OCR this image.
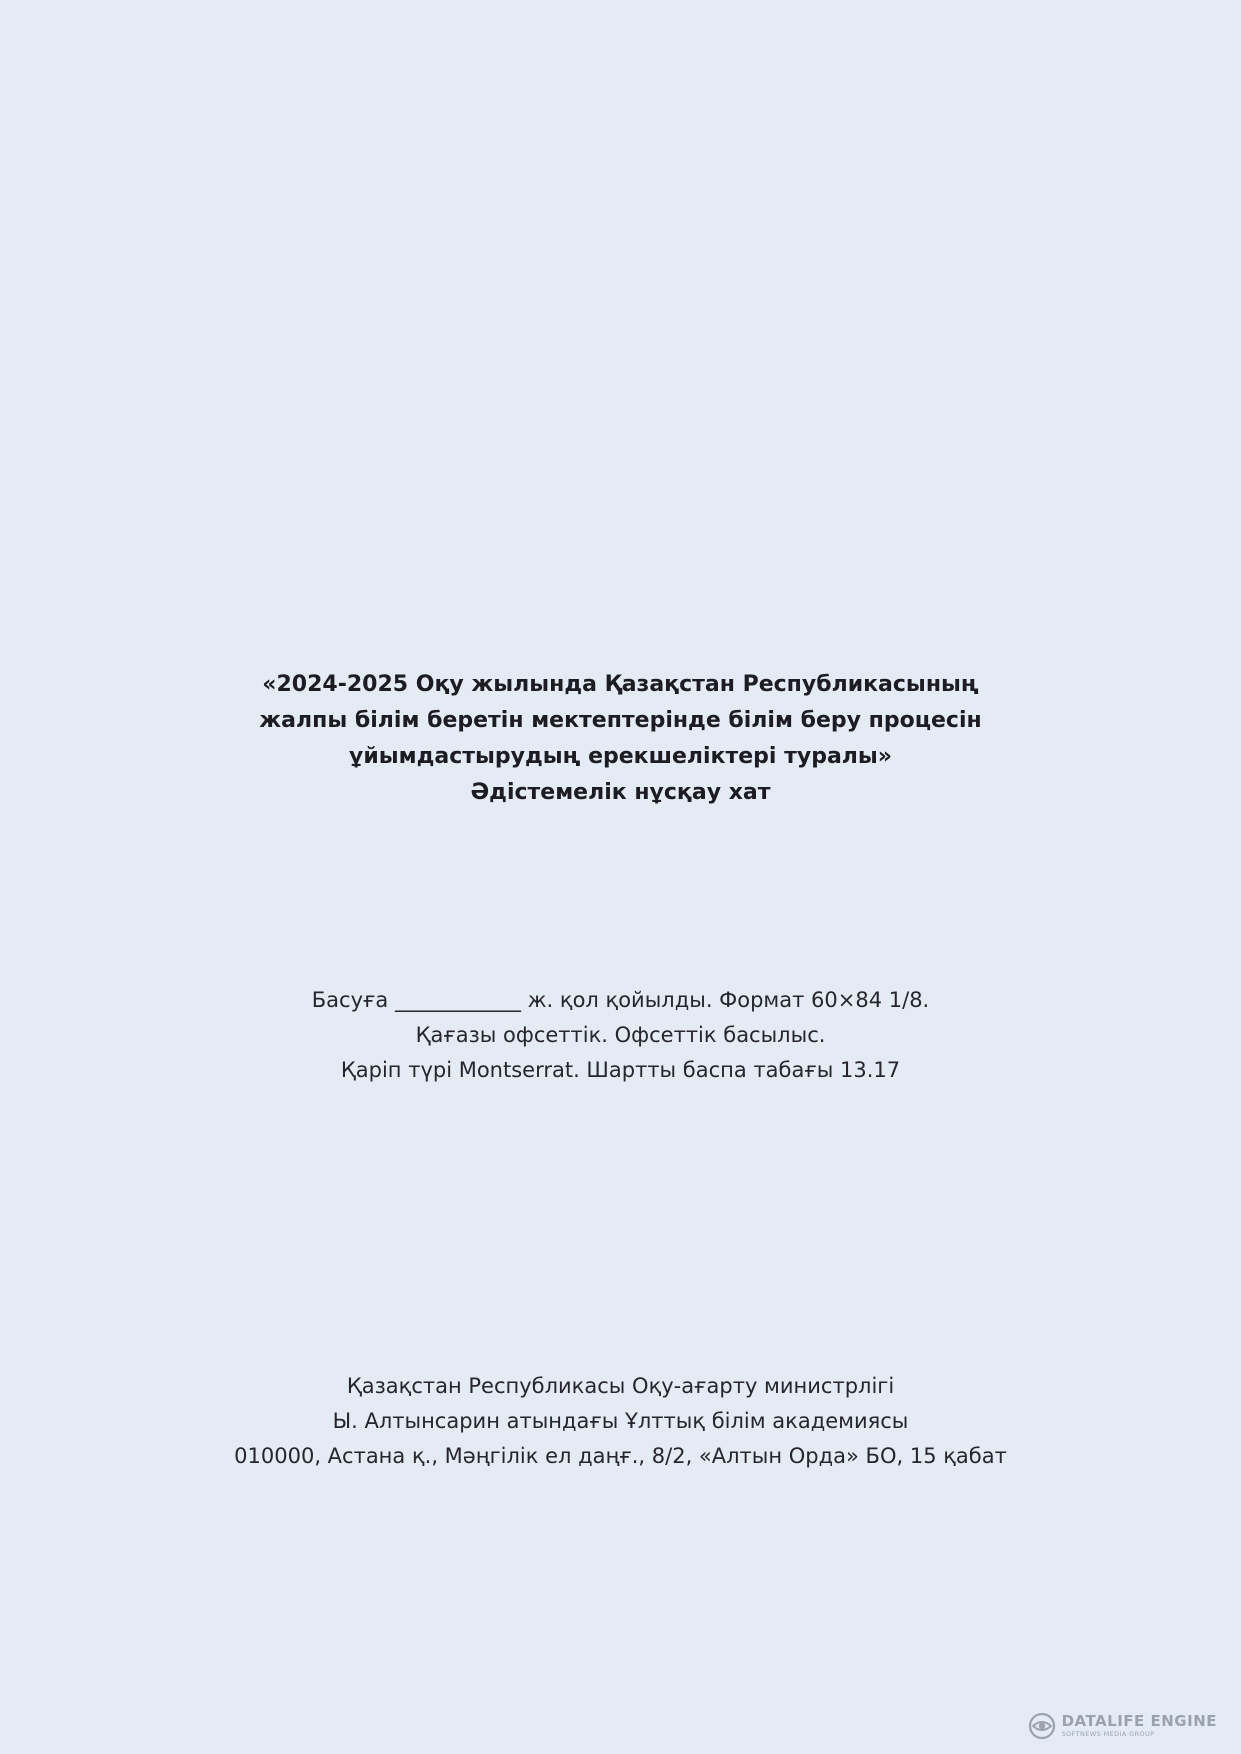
«2024-2025 Оқу жылында Қазақстан Республикасының
жалпы білім беретін мектептерінде білім беру процесін
ұйымдастырудың ерекшеліктері туралы»
Әдістемелік нұсқау хат
Басуға ____________ ж. қол қойылды. Формат 60×84 1/8.
Қағазы офсеттік. Офсеттік басылыс.
Қаріп түрі Montserrat. Шартты баспа табағы 13.17
Қазақстан Республикасы Оқу-ағарту министрлігі
Ы. Алтынсарин атындағы Ұлттық білім академиясы
010000, Астана қ., Мәңгілік ел даңғ., 8/2, «Алтын Орда» БО, 15 қабат
DATALIFE ENGINE
SOFTNEWS MEDIA GROUP
